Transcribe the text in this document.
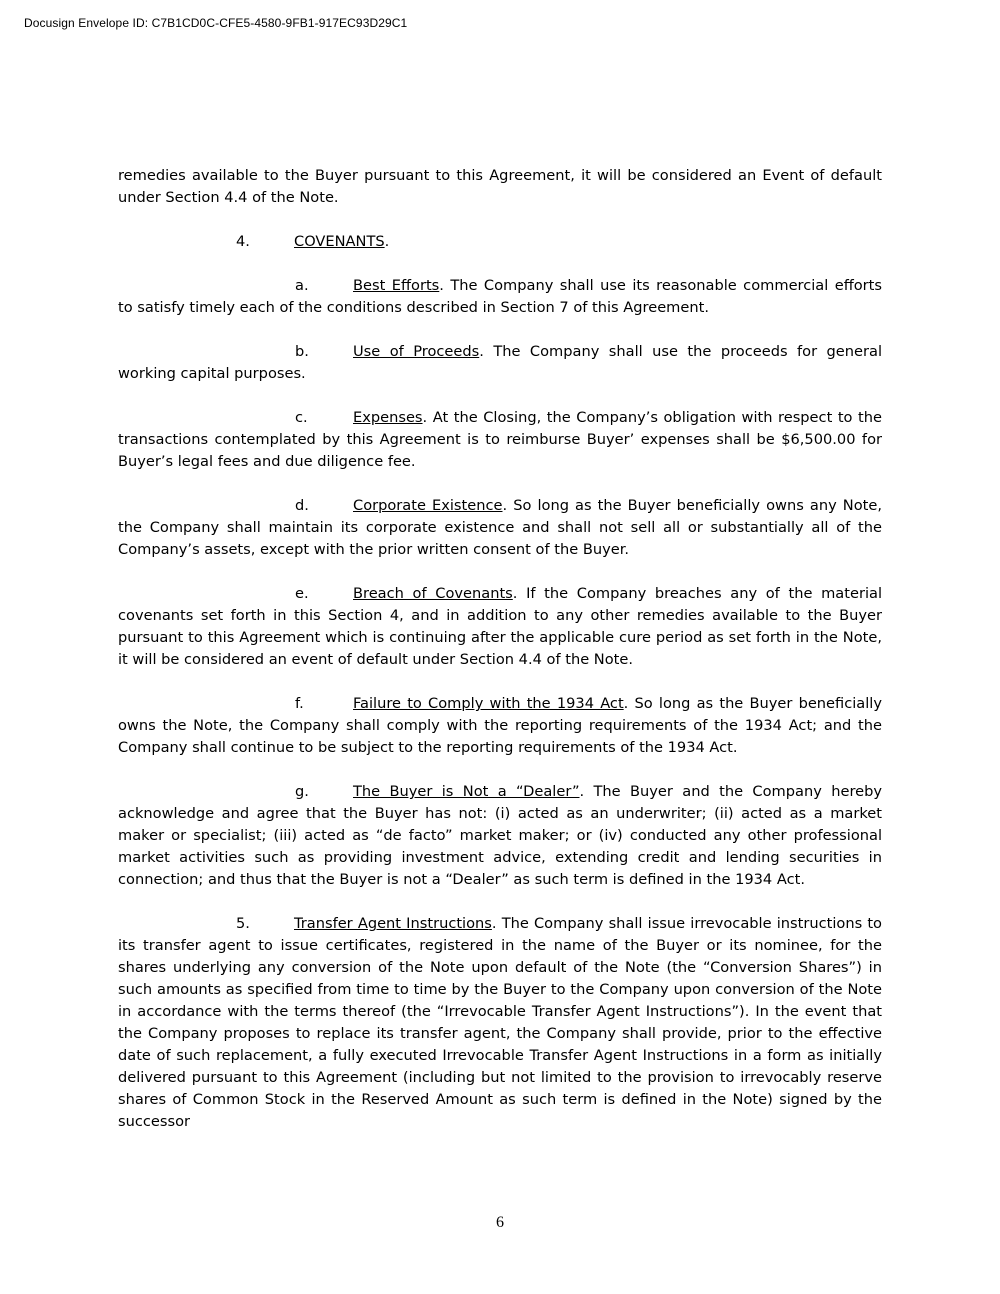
Docusign Envelope ID: C7B1CD0C-CFE5-4580-9FB1-917EC93D29C1

remedies available to the Buyer pursuant to this Agreement, it will be considered an Event of default under Section 4.4 of the Note.

4.	COVENANTS.

a.	Best Efforts. The Company shall use its reasonable commercial efforts to satisfy timely each of the conditions described in Section 7 of this Agreement.

b.	Use of Proceeds. The Company shall use the proceeds for general working capital purposes.

c.	Expenses. At the Closing, the Company’s obligation with respect to the transactions contemplated by this Agreement is to reimburse Buyer’ expenses shall be $6,500.00 for Buyer’s legal fees and due diligence fee.

d.	Corporate Existence. So long as the Buyer beneficially owns any Note, the Company shall maintain its corporate existence and shall not sell all or substantially all of the Company’s assets, except with the prior written consent of the Buyer.

e.	Breach of Covenants. If the Company breaches any of the material covenants set forth in this Section 4, and in addition to any other remedies available to the Buyer pursuant to this Agreement which is continuing after the applicable cure period as set forth in the Note, it will be considered an event of default under Section 4.4 of the Note.

f.	Failure to Comply with the 1934 Act. So long as the Buyer beneficially owns the Note, the Company shall comply with the reporting requirements of the 1934 Act; and the Company shall continue to be subject to the reporting requirements of the 1934 Act.

g.	The Buyer is Not a “Dealer”. The Buyer and the Company hereby acknowledge and agree that the Buyer has not: (i) acted as an underwriter; (ii) acted as a market maker or specialist; (iii) acted as “de facto” market maker; or (iv) conducted any other professional market activities such as providing investment advice, extending credit and lending securities in connection; and thus that the Buyer is not a “Dealer” as such term is defined in the 1934 Act.

5.	Transfer Agent Instructions. The Company shall issue irrevocable instructions to its transfer agent to issue certificates, registered in the name of the Buyer or its nominee, for the shares underlying any conversion of the Note upon default of the Note (the “Conversion Shares”) in such amounts as specified from time to time by the Buyer to the Company upon conversion of the Note in accordance with the terms thereof (the “Irrevocable Transfer Agent Instructions”). In the event that the Company proposes to replace its transfer agent, the Company shall provide, prior to the effective date of such replacement, a fully executed Irrevocable Transfer Agent Instructions in a form as initially delivered pursuant to this Agreement (including but not limited to the provision to irrevocably reserve shares of Common Stock in the Reserved Amount as such term is defined in the Note) signed by the successor

6
